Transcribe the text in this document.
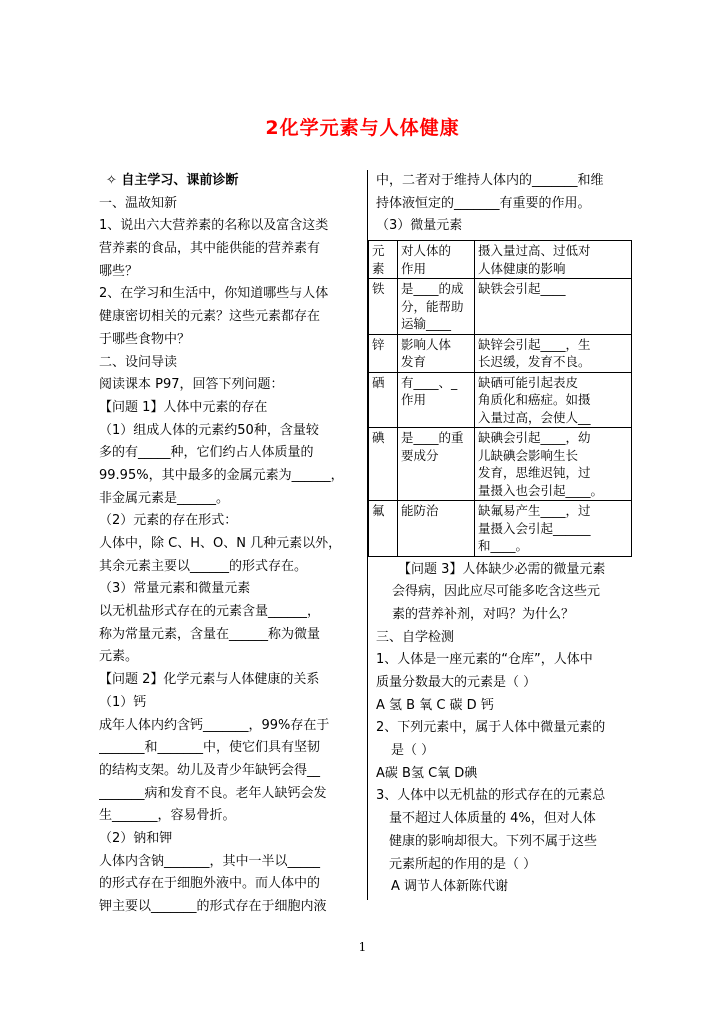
2化学元素与人体健康
✧ 自主学习、课前诊断
一、温故知新
1、说出六大营养素的名称以及富含这类
营养素的食品，其中能供能的营养素有
哪些？
2、在学习和生活中，你知道哪些与人体
健康密切相关的元素？这些元素都存在
于哪些食物中？
二、设问导读
阅读课本 P97，回答下列问题：
【问题 1】人体中元素的存在
（1）组成人体的元素约50种，含量较
多的有_____种，它们约占人体质量的
99.95%，其中最多的金属元素为______，
非金属元素是______。
（2）元素的存在形式：
人体中，除 C、H、O、N 几种元素以外，
其余元素主要以______的形式存在。
（3）常量元素和微量元素
以无机盐形式存在的元素含量______，
称为常量元素，含量在______称为微量
元素。
【问题 2】化学元素与人体健康的关系
（1）钙
成年人体内约含钙_______，99%存在于
_______和_______中，使它们具有坚韧
的结构支架。幼儿及青少年缺钙会得__
_______病和发育不良。老年人缺钙会发
生_______，容易骨折。
（2）钠和钾
人体内含钠_______，其中一半以_____
的形式存在于细胞外液中。而人体中的
钾主要以_______的形式存在于细胞内液
中，二者对于维持人体内的_______和维
持体液恒定的_______有重要的作用。
（3）微量元素
元
素	对人体的
作用	摄入量过高、过低对
人体健康的影响
铁	是____的成
分，能帮助
运输____	缺铁会引起____
锌	影响人体
发育	缺锌会引起____，生
长迟缓，发育不良。
硒	有____、_
作用	缺硒可能引起表皮
角质化和癌症。如摄
入量过高，会使人__
碘	是____的重
要成分	缺碘会引起____，幼
儿缺碘会影响生长
发育，思维迟钝，过
量摄入也会引起____。
氟	能防治	缺氟易产生____，过
量摄入会引起______
和____。
【问题 3】人体缺少必需的微量元素
会得病，因此应尽可能多吃含这些元
素的营养补剂，对吗？为什么？
三、自学检测
1、人体是一座元素的“仓库”，人体中
质量分数最大的元素是（ ）
A 氢 B 氧 C 碳 D 钙
2、下列元素中，属于人体中微量元素的
是（ ）
A碳 B氢 C氧 D碘
3、人体中以无机盐的形式存在的元素总
量不超过人体质量的 4%，但对人体
健康的影响却很大。下列不属于这些
元素所起的作用的是（ ）
A 调节人体新陈代谢
1
